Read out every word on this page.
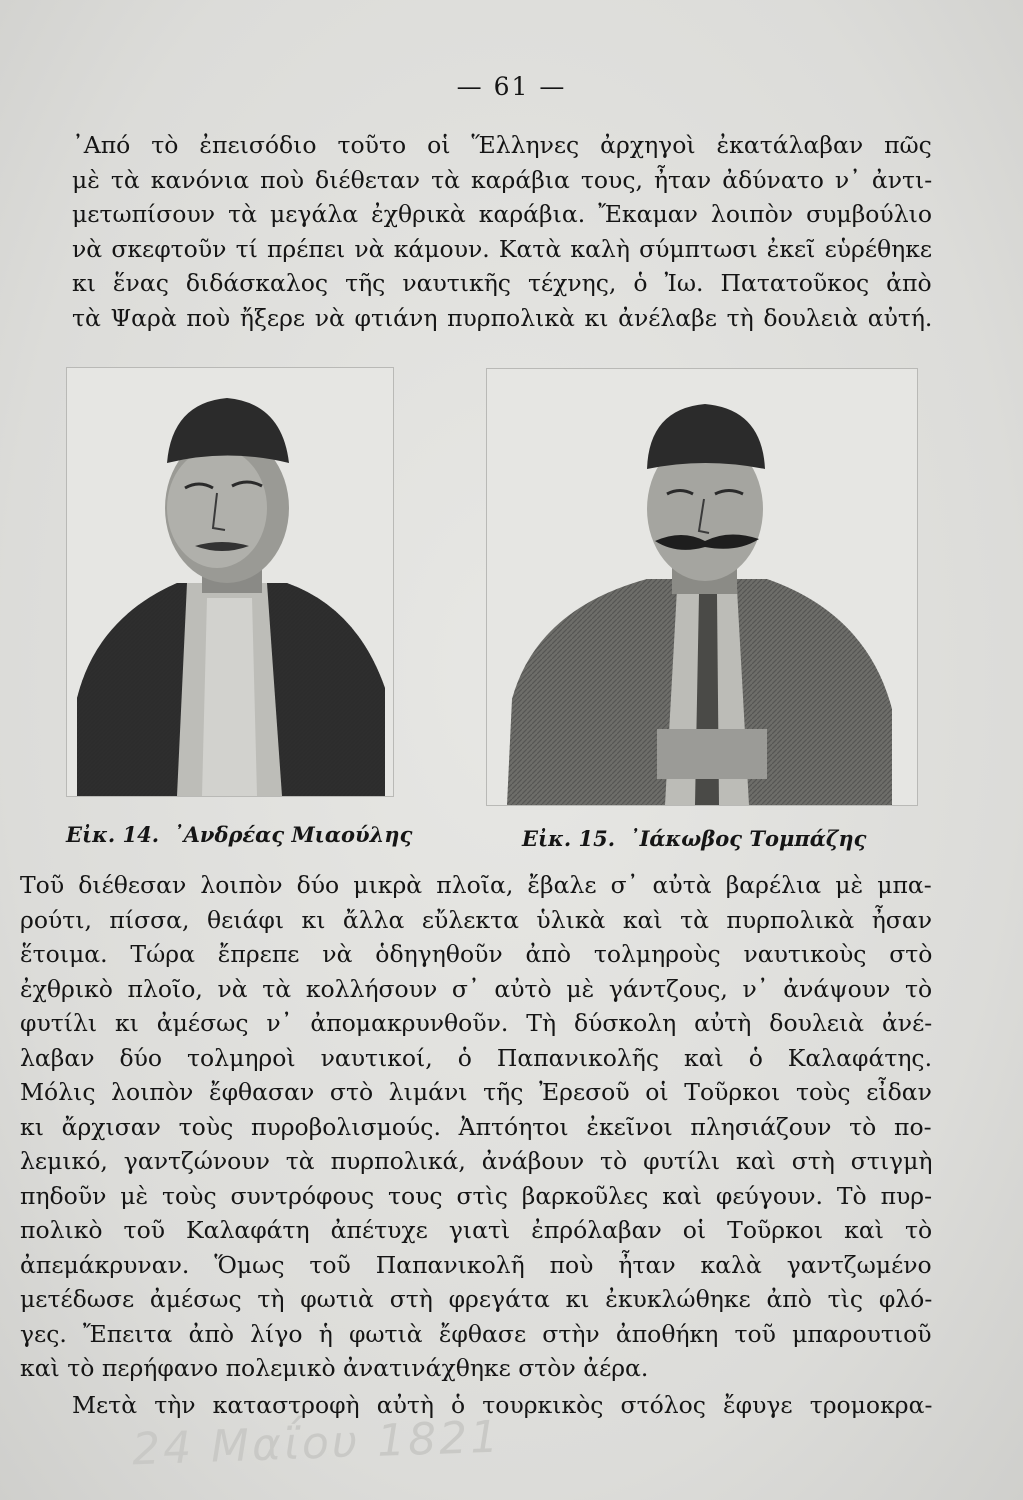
— 61 —

᾿Από τὸ ἐπεισόδιο τοῦτο οἱ Ἕλληνες ἀρχηγοὶ ἐκατάλαβαν πῶς
μὲ τὰ κανόνια ποὺ διέθεταν τὰ καράβια τους, ἦταν ἀδύνατο ν᾿ ἀντι-
μετωπίσουν τὰ μεγάλα ἐχθρικὰ καράβια. Ἔκαμαν λοιπὸν συμβούλιο
νὰ σκεφτοῦν τί πρέπει νὰ κάμουν. Κατὰ καλὴ σύμπτωσι ἐκεῖ εὑρέθηκε
κι ἕνας διδάσκαλος τῆς ναυτικῆς τέχνης, ὁ Ἰω. Πατατοῦκος ἀπὸ
τὰ Ψαρὰ ποὺ ἤξερε νὰ φτιάνη πυρπολικὰ κι ἀνέλαβε τὴ δουλειὰ αὐτή.

Εἰκ. 14. ᾿Ανδρέας Μιαούλης	Εἰκ. 15. ᾿Ιάκωβος Τομπάζης

Τοῦ διέθεσαν λοιπὸν δύο μικρὰ πλοῖα, ἔβαλε σ᾿ αὐτὰ βαρέλια μὲ μπα-
ρούτι, πίσσα, θειάφι κι ἄλλα εὔλεκτα ὑλικὰ καὶ τὰ πυρπολικὰ ἦσαν
ἕτοιμα. Τώρα ἔπρεπε νὰ ὁδηγηθοῦν ἀπὸ τολμηροὺς ναυτικοὺς στὸ
ἐχθρικὸ πλοῖο, νὰ τὰ κολλήσουν σ᾿ αὐτὸ μὲ γάντζους, ν᾿ ἀνάψουν τὸ
φυτίλι κι ἀμέσως ν᾿ ἀπομακρυνθοῦν. Τὴ δύσκολη αὐτὴ δουλειὰ ἀνέ-
λαβαν δύο τολμηροὶ ναυτικοί, ὁ Παπανικολῆς καὶ ὁ Καλαφάτης.
Μόλις λοιπὸν ἔφθασαν στὸ λιμάνι τῆς Ἐρεσοῦ οἱ Τοῦρκοι τοὺς εἶδαν
κι ἄρχισαν τοὺς πυροβολισμούς. Ἀπτόητοι ἐκεῖνοι πλησιάζουν τὸ πο-
λεμικό, γαντζώνουν τὰ πυρπολικά, ἀνάβουν τὸ φυτίλι καὶ στὴ στιγμὴ
πηδοῦν μὲ τοὺς συντρόφους τους στὶς βαρκοῦλες καὶ φεύγουν. Τὸ πυρ-
πολικὸ τοῦ Καλαφάτη ἀπέτυχε γιατὶ ἐπρόλαβαν οἱ Τοῦρκοι καὶ τὸ
ἀπεμάκρυναν. Ὅμως τοῦ Παπανικολῆ ποὺ ἦταν καλὰ γαντζωμένο
μετέδωσε ἀμέσως τὴ φωτιὰ στὴ φρεγάτα κι ἐκυκλώθηκε ἀπὸ τὶς φλό-
γες. Ἔπειτα ἀπὸ λίγο ἡ φωτιὰ ἔφθασε στὴν ἀποθήκη τοῦ μπαρουτιοῦ
καὶ τὸ περήφανο πολεμικὸ ἀνατινάχθηκε στὸν ἀέρα.

Μετὰ τὴν καταστροφὴ αὐτὴ ὁ τουρκικὸς στόλος ἔφυγε τρομοκρα-

24 Μαΐου 1821
